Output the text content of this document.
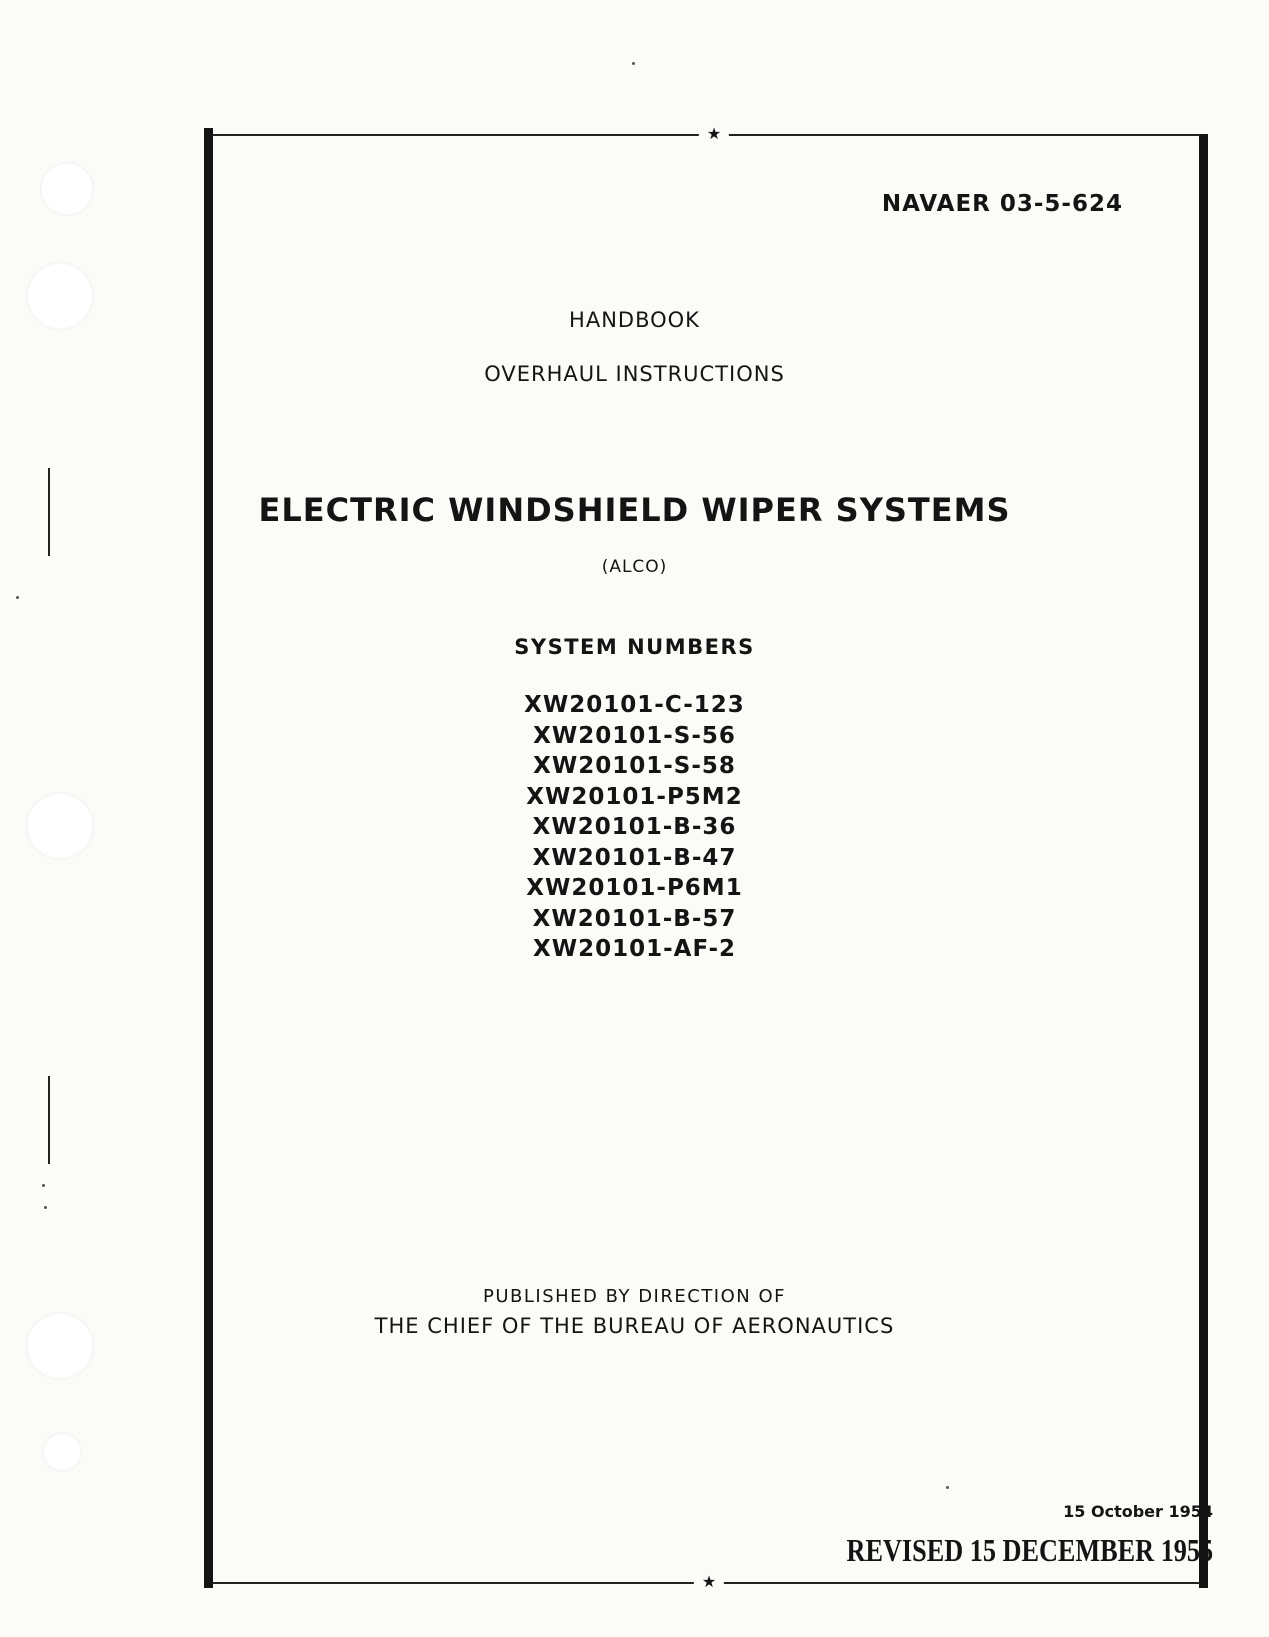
★
★
NAVAER 03-5-624
HANDBOOK
OVERHAUL INSTRUCTIONS
ELECTRIC WINDSHIELD WIPER SYSTEMS
(ALCO)
SYSTEM NUMBERS
XW20101-C-123
XW20101-S-56
XW20101-S-58
XW20101-P5M2
XW20101-B-36
XW20101-B-47
XW20101-P6M1
XW20101-B-57
XW20101-AF-2
PUBLISHED BY DIRECTION OF
THE CHIEF OF THE BUREAU OF AERONAUTICS
15 October 1954
REVISED 15 DECEMBER 1955
